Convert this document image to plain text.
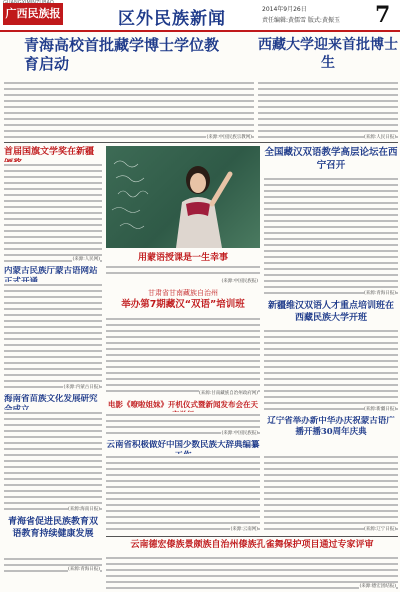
广西民族报	区外民族新闻	2014年9月26日
责任编辑:黄儒雪 版式:黄振玉 7
青海高校首批藏学博士学位教育启动
(来源:中国民族宗教网)
西藏大学迎来首批博士生
(来源:人民日报)
首届国旗文学奖在新疆
(来源:人民网)	用蒙语授课是一生幸事
(来源:中国民族报)
全国藏汉双语教学高层论坛在西宁召开
(来源:青海日报)
内蒙古民族厅蒙古语网站
(来源:内蒙古日报)
甘肃省甘南藏族自治州
举办第7期藏汉“双语”培训班
(来源:甘南藏族自治州政府网)
新疆维汉双语人才重点培训班在西藏民族大学开班
(来源:新疆日报)
海南省苗族文化发展研究
(来源:海南日报)
电影《嘹啦姐妹》开机仪式暨新闻发布会在天
(来源:中国民族报)
云南省积极做好中国少数民族大辞典编纂
(来源:云南网)
辽宁省举办新中华办庆祝蒙古语广播开播30周年庆典
(来源:辽宁日报)
青海省促进民族教育双语教育持续健康发展
(来源:青海日报)
云南德宏傣族景颇族自治州傣族孔雀舞保护项目通过专家评审
(来源:德宏团结报)
